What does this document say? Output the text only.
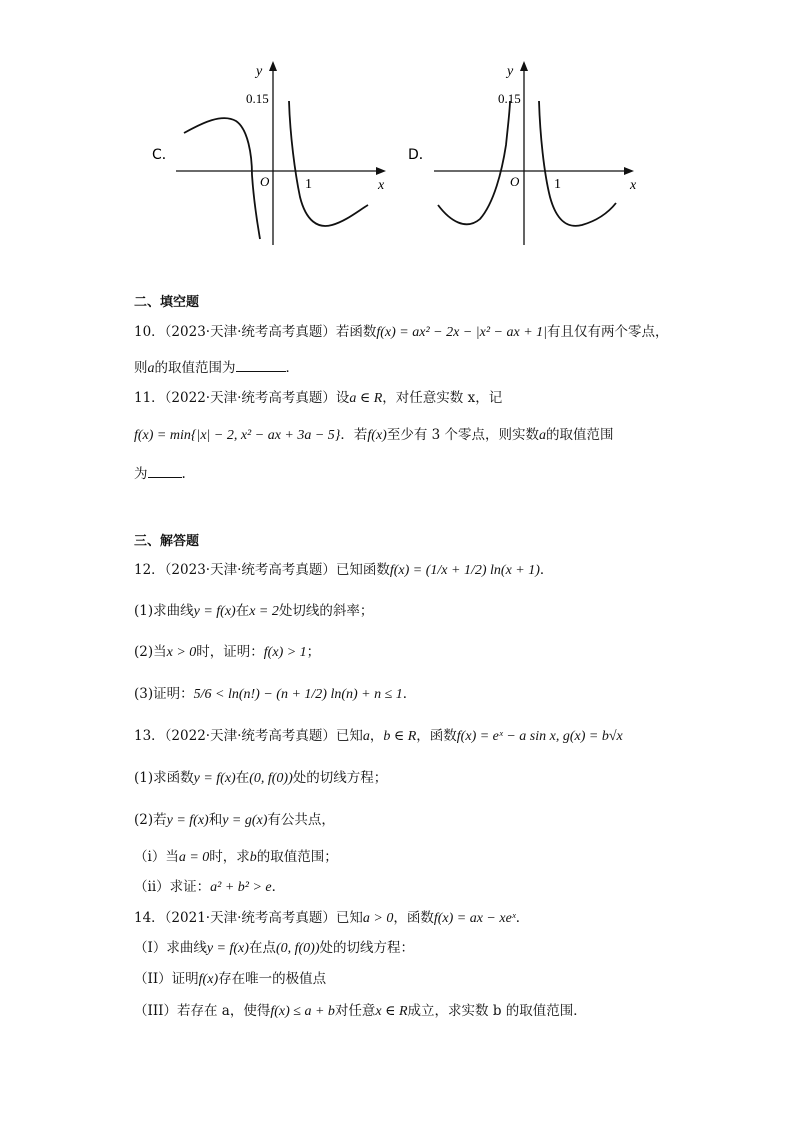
C．
y
x
O	1
0.15
D．
y
x
O 1
0.15
二、填空题
10．（2023·天津·统考高考真题）若函数f(x) = ax² − 2x − |x² − ax + 1|有且仅有两个零点，
则a的取值范围为	．
11．（2022·天津·统考高考真题）设a ∈ R，对任意实数 x，记
f(x) = min{|x| − 2, x² − ax + 3a − 5}．若f(x)至少有 3 个零点，则实数a的取值范围
为	.
三、解答题
12．（2023·天津·统考高考真题）已知函数f(x) = (1/x + 1/2) ln(x + 1)．
(1)求曲线y = f(x)在x = 2处切线的斜率；
(2)当x > 0时，证明：f(x) > 1；
(3)证明：5/6 < ln(n!) − (n + 1/2) ln(n) + n ≤ 1．
13．（2022·天津·统考高考真题）已知a，b ∈ R，函数f(x) = eˣ − a sin x, g(x) = b√x
(1)求函数y = f(x)在(0, f(0))处的切线方程；
(2)若y = f(x)和y = g(x)有公共点，
（i）当a = 0时，求b的取值范围；
（ii）求证：a² + b² > e．
14．（2021·天津·统考高考真题）已知a > 0，函数f(x) = ax − xeˣ．
（I）求曲线y = f(x)在点(0, f(0))处的切线方程：
（II）证明f(x)存在唯一的极值点
（III）若存在 a，使得f(x) ≤ a + b对任意x ∈ R成立，求实数 b 的取值范围．
